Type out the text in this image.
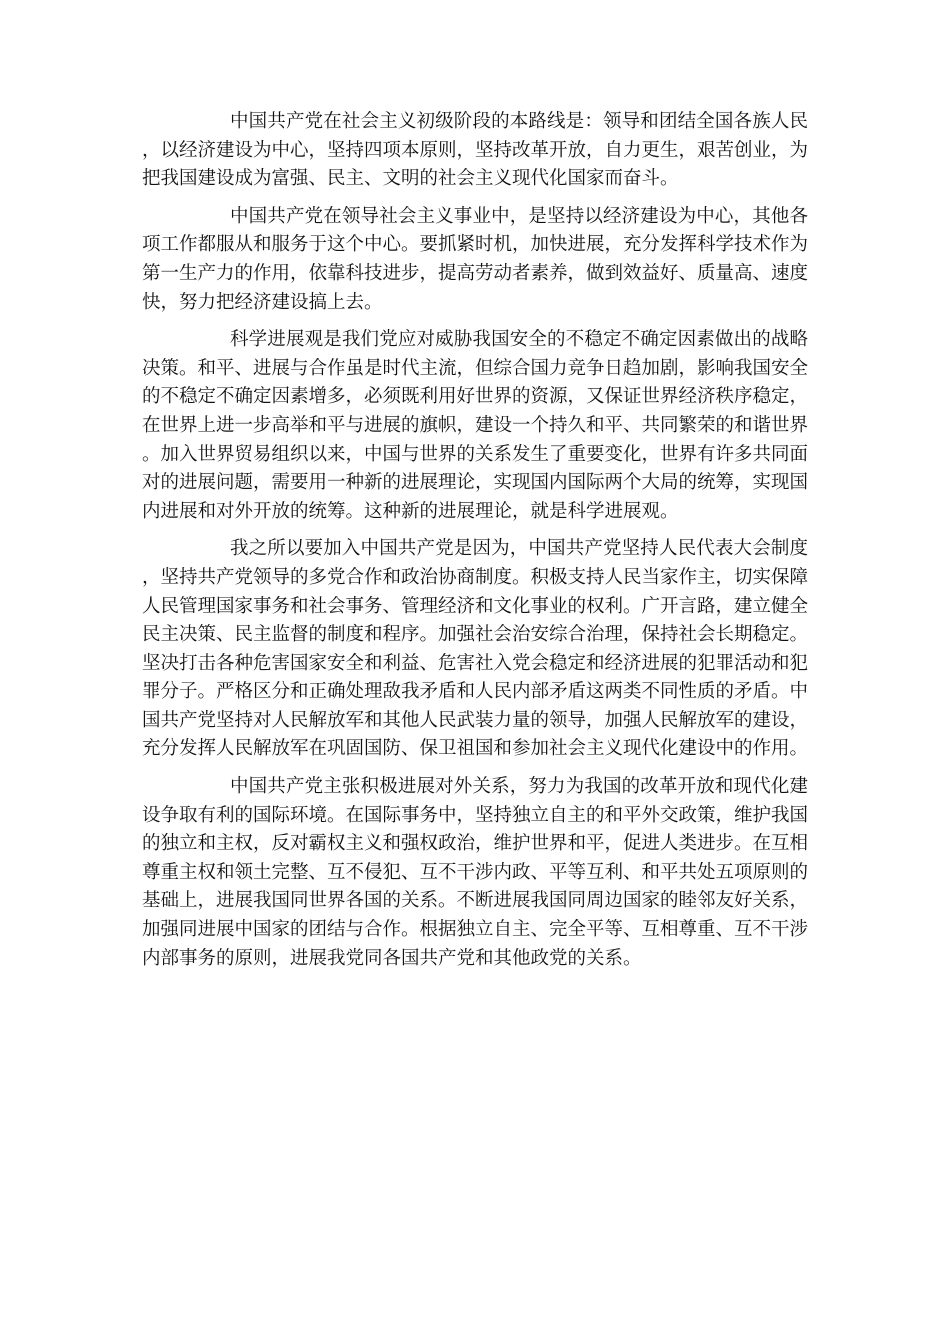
中国共产党在社会主义初级阶段的本路线是：领导和团结全国各族人民，以经济建设为中心，坚持四项本原则，坚持改革开放，自力更生，艰苦创业，为把我国建设成为富强、民主、文明的社会主义现代化国家而奋斗。

中国共产党在领导社会主义事业中，是坚持以经济建设为中心，其他各项工作都服从和服务于这个中心。要抓紧时机，加快进展，充分发挥科学技术作为第一生产力的作用，依靠科技进步，提高劳动者素养，做到效益好、质量高、速度快，努力把经济建设搞上去。

科学进展观是我们党应对威胁我国安全的不稳定不确定因素做出的战略决策。和平、进展与合作虽是时代主流，但综合国力竞争日趋加剧，影响我国安全的不稳定不确定因素增多，必须既利用好世界的资源，又保证世界经济秩序稳定，在世界上进一步高举和平与进展的旗帜，建设一个持久和平、共同繁荣的和谐世界。加入世界贸易组织以来，中国与世界的关系发生了重要变化，世界有许多共同面对的进展问题，需要用一种新的进展理论，实现国内国际两个大局的统筹，实现国内进展和对外开放的统筹。这种新的进展理论，就是科学进展观。

我之所以要加入中国共产党是因为，中国共产党坚持人民代表大会制度，坚持共产党领导的多党合作和政治协商制度。积极支持人民当家作主，切实保障人民管理国家事务和社会事务、管理经济和文化事业的权利。广开言路，建立健全民主决策、民主监督的制度和程序。加强社会治安综合治理，保持社会长期稳定。坚决打击各种危害国家安全和利益、危害社入党会稳定和经济进展的犯罪活动和犯罪分子。严格区分和正确处理敌我矛盾和人民内部矛盾这两类不同性质的矛盾。中国共产党坚持对人民解放军和其他人民武装力量的领导，加强人民解放军的建设，充分发挥人民解放军在巩固国防、保卫祖国和参加社会主义现代化建设中的作用。

中国共产党主张积极进展对外关系，努力为我国的改革开放和现代化建设争取有利的国际环境。在国际事务中，坚持独立自主的和平外交政策，维护我国的独立和主权，反对霸权主义和强权政治，维护世界和平，促进人类进步。在互相尊重主权和领土完整、互不侵犯、互不干涉内政、平等互利、和平共处五项原则的基础上，进展我国同世界各国的关系。不断进展我国同周边国家的睦邻友好关系，加强同进展中国家的团结与合作。根据独立自主、完全平等、互相尊重、互不干涉内部事务的原则，进展我党同各国共产党和其他政党的关系。
